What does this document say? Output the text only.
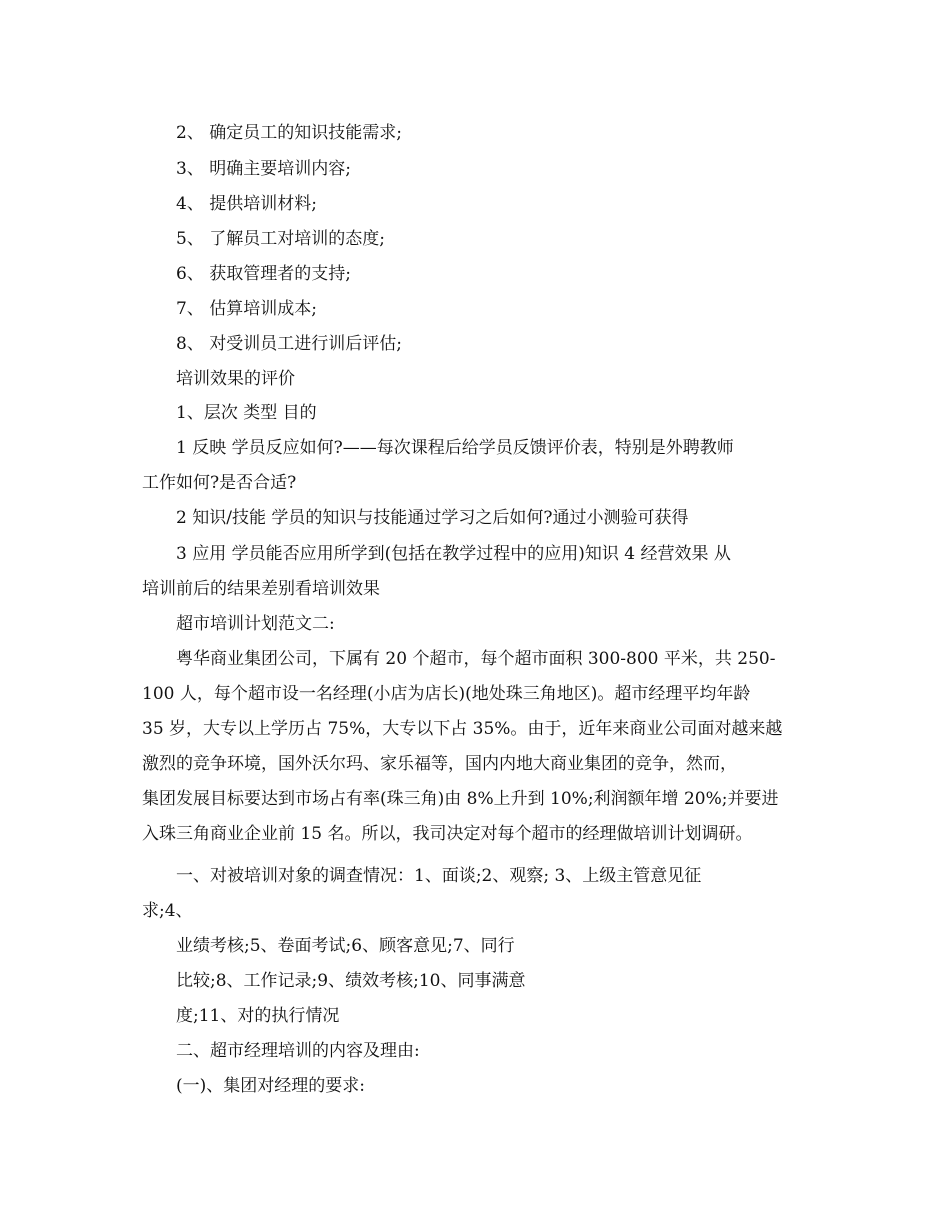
2、 确定员工的知识技能需求;
3、 明确主要培训内容;
4、 提供培训材料;
5、 了解员工对培训的态度;
6、 获取管理者的支持;
7、 估算培训成本;
8、 对受训员工进行训后评估;
培训效果的评价
1、层次 类型 目的
1 反映 学员反应如何?——每次课程后给学员反馈评价表，特别是外聘教师
工作如何?是否合适?
2 知识/技能 学员的知识与技能通过学习之后如何?通过小测验可获得
3 应用 学员能否应用所学到(包括在教学过程中的应用)知识 4 经营效果 从
培训前后的结果差别看培训效果
超市培训计划范文二:
粤华商业集团公司，下属有 20 个超市，每个超市面积 300-800 平米，共 250-
100 人，每个超市设一名经理(小店为店长)(地处珠三角地区)。超市经理平均年龄
35 岁，大专以上学历占 75%，大专以下占 35%。由于，近年来商业公司面对越来越
激烈的竞争环境，国外沃尔玛、家乐福等，国内内地大商业集团的竞争，然而，
集团发展目标要达到市场占有率(珠三角)由 8%上升到 10%;利润额年增 20%;并要进
入珠三角商业企业前 15 名。所以，我司决定对每个超市的经理做培训计划调研。
一、对被培训对象的调查情况：1、面谈;2、观察; 3、上级主管意见征
求;4、
业绩考核;5、卷面考试;6、顾客意见;7、同行
比较;8、工作记录;9、绩效考核;10、同事满意
度;11、对的执行情况
二、超市经理培训的内容及理由:
(一)、集团对经理的要求:
